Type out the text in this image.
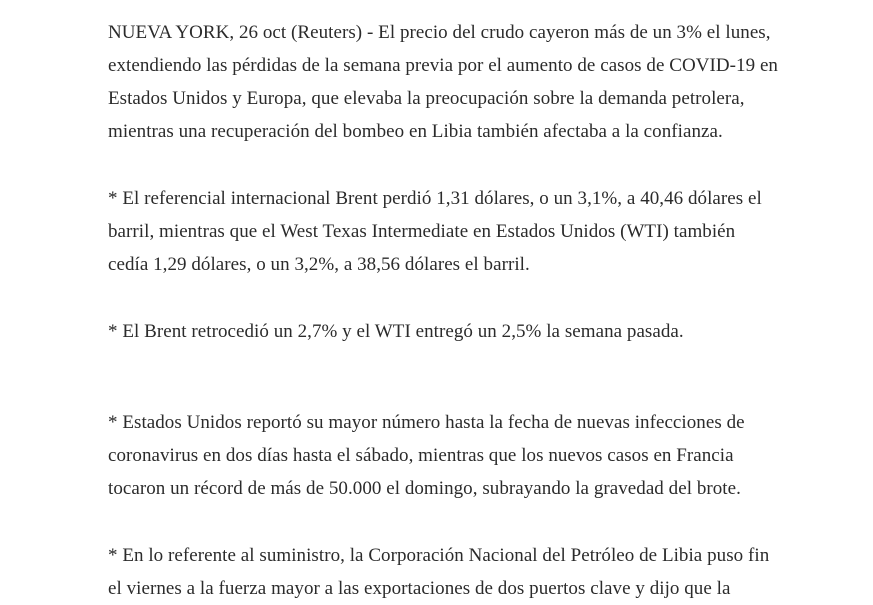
NUEVA YORK, 26 oct (Reuters) - El precio del crudo cayeron más de un 3% el lunes,
extendiendo las pérdidas de la semana previa por el aumento de casos de COVID-19 en
Estados Unidos y Europa, que elevaba la preocupación sobre la demanda petrolera,
mientras una recuperación del bombeo en Libia también afectaba a la confianza.

* El referencial internacional Brent perdió 1,31 dólares, o un 3,1%, a 40,46 dólares el
barril, mientras que el West Texas Intermediate en Estados Unidos (WTI) también
cedía 1,29 dólares, o un 3,2%, a 38,56 dólares el barril.

* El Brent retrocedió un 2,7% y el WTI entregó un 2,5% la semana pasada.

* Estados Unidos reportó su mayor número hasta la fecha de nuevas infecciones de
coronavirus en dos días hasta el sábado, mientras que los nuevos casos en Francia
tocaron un récord de más de 50.000 el domingo, subrayando la gravedad del brote.

* En lo referente al suministro, la Corporación Nacional del Petróleo de Libia puso fin
el viernes a la fuerza mayor a las exportaciones de dos puertos clave y dijo que la
